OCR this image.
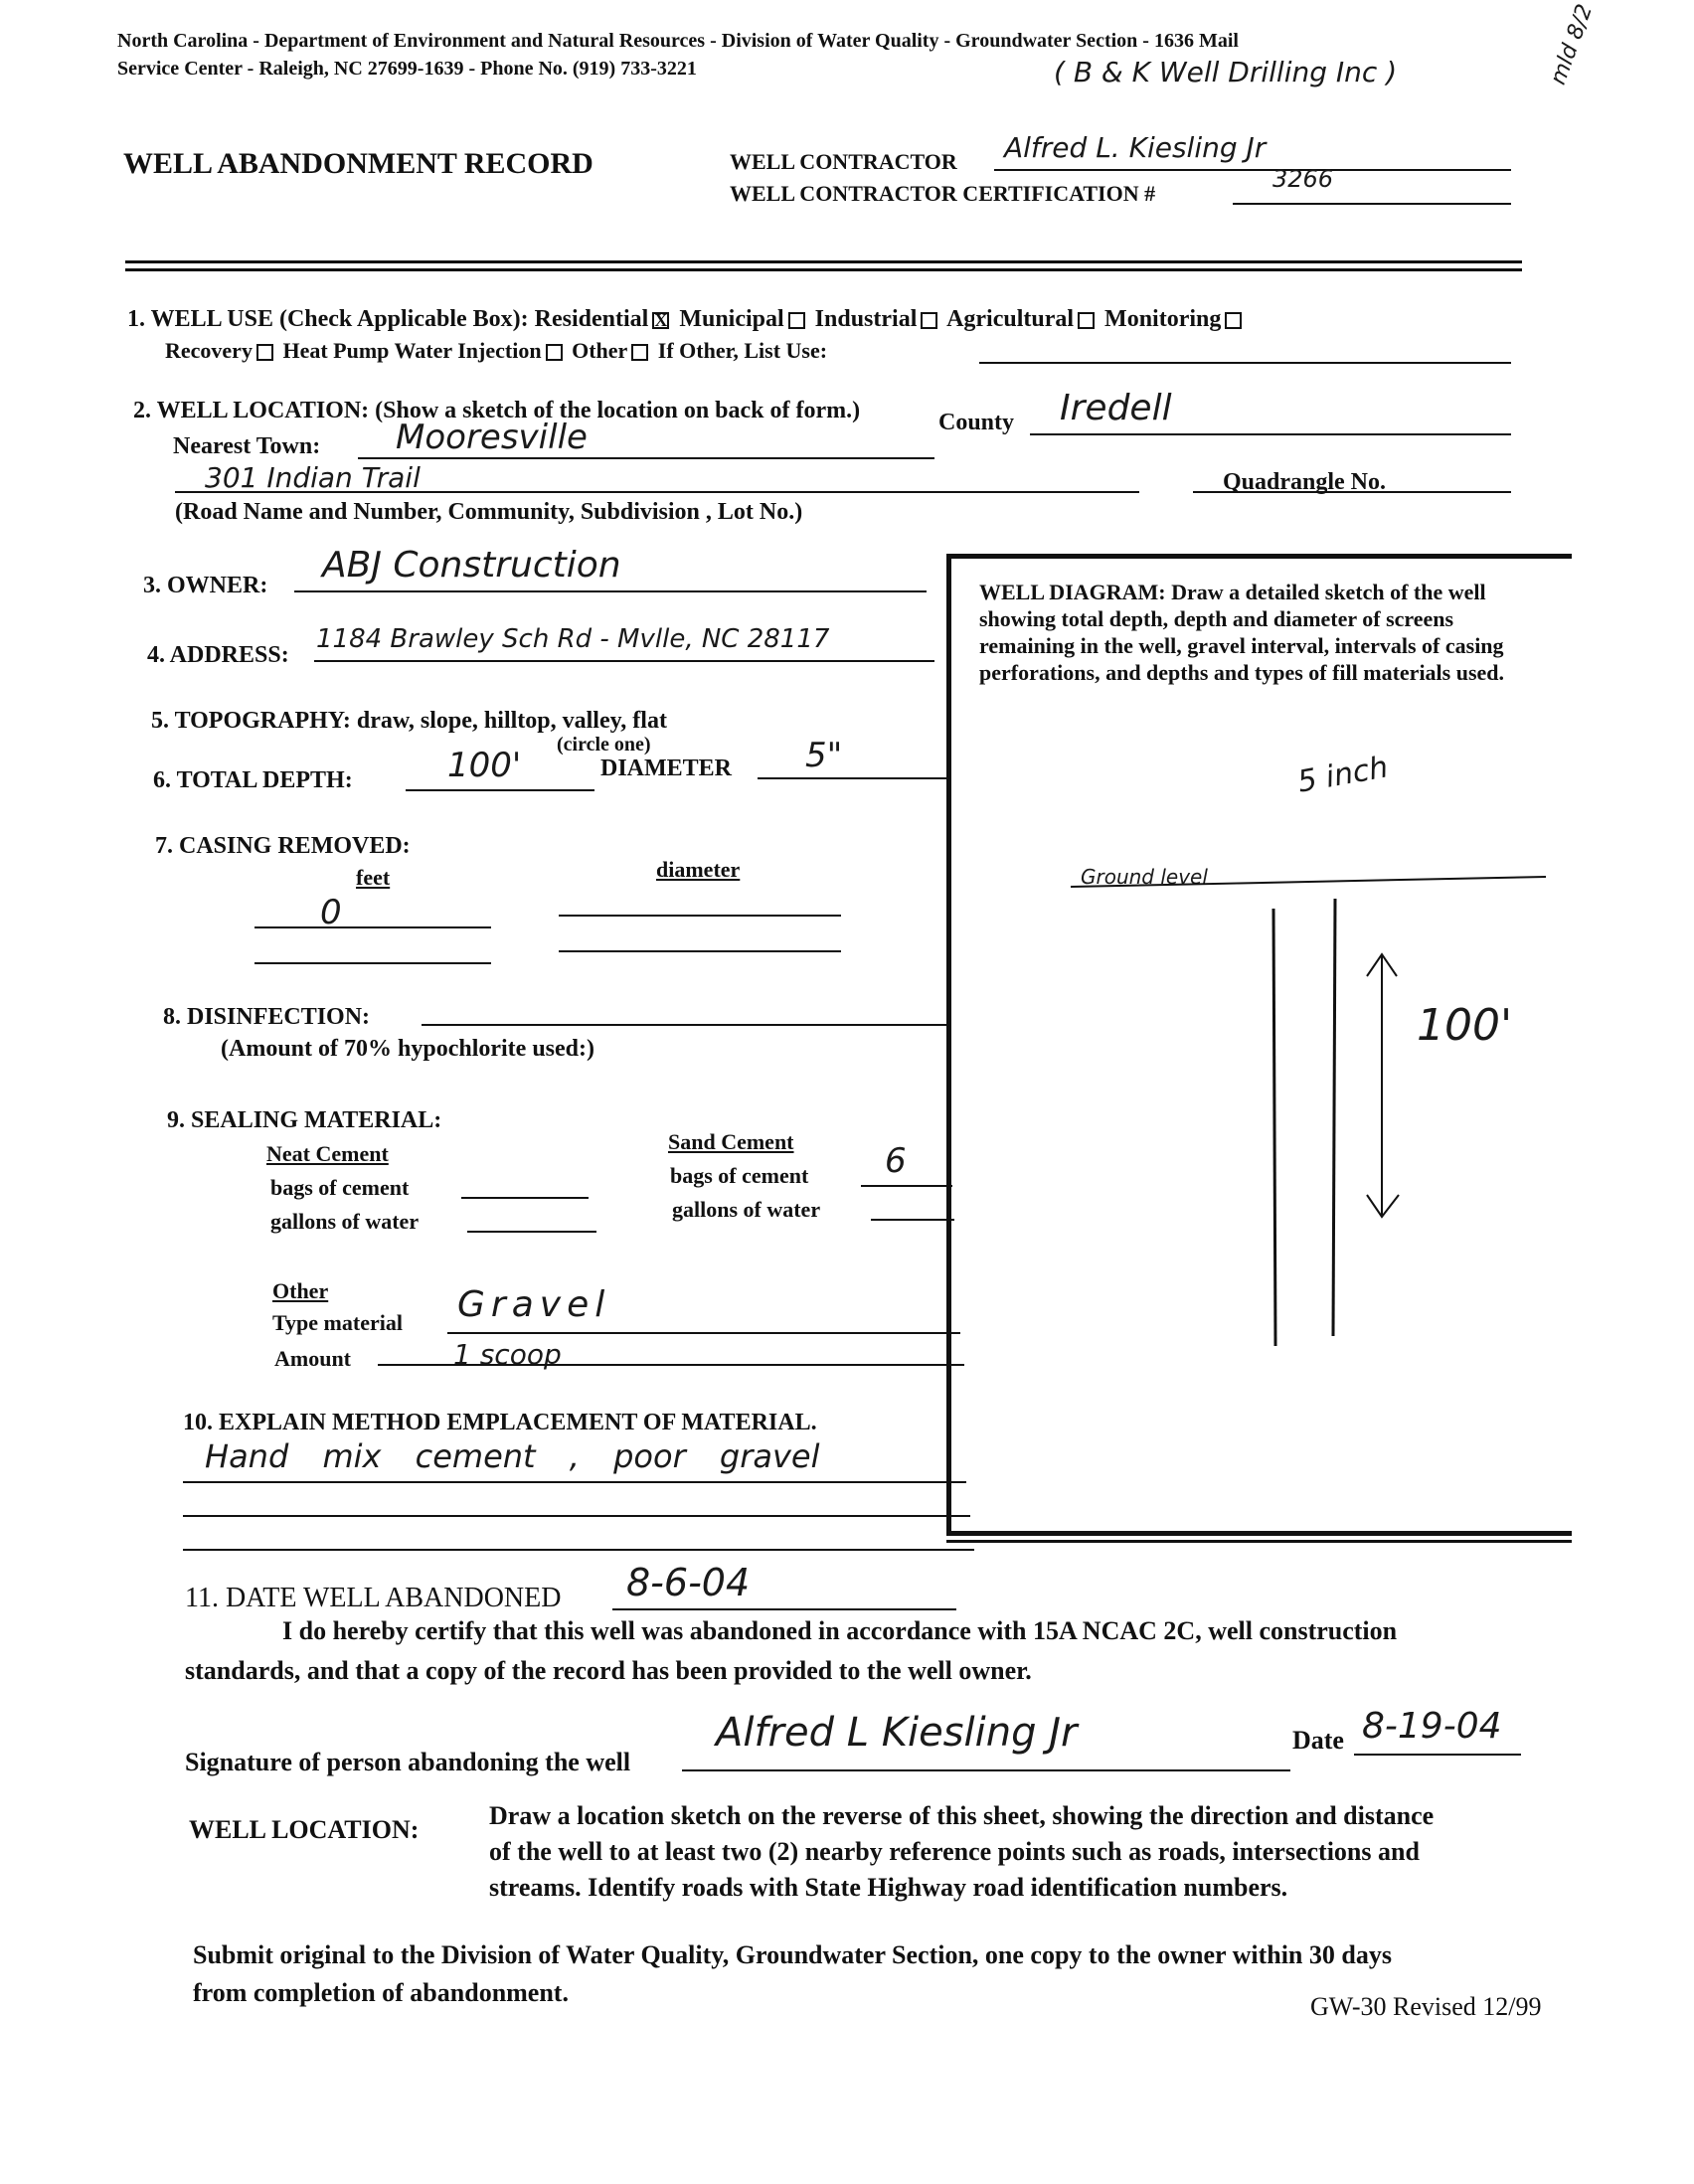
North Carolina - Department of Environment and Natural Resources - Division of Water Quality - Groundwater Section - 1636 Mail
Service Center - Raleigh, NC 27699-1639 - Phone No. (919) 733-3221	( B & K Well Drilling Inc )	mld 8/2
WELL ABANDONMENT RECORD	WELL CONTRACTOR Alfred L. Kiesling Jr
WELL CONTRACTOR CERTIFICATION #
3266
1. WELL USE (Check Applicable Box): Residential X Municipal Industrial Agricultural Monitoring
Recovery Heat Pump Water Injection Other If Other, List Use:
2. WELL LOCATION: (Show a sketch of the location on back of form.)
Nearest Town: Mooresville	County Iredell
301 Indian Trail	Quadrangle No.
(Road Name and Number, Community, Subdivision , Lot No.)
3. OWNER: ABJ Construction
4. ADDRESS:
1184 Brawley Sch Rd - Mvlle, NC 28117
5. TOPOGRAPHY: draw, slope, hilltop, valley, flat
(circle one)
6. TOTAL DEPTH:	100'	DIAMETER 5"
7. CASING REMOVED:
feet	diameter
0
8. DISINFECTION:
(Amount of 70% hypochlorite used:)
9. SEALING MATERIAL:
Neat Cement
bags of cement
gallons of water
Sand Cement
bags of cement 6
gallons of water
Other
Type material Gravel
Amount	1 scoop
10. EXPLAIN METHOD EMPLACEMENT OF MATERIAL.
Hand mix cement , poor gravel
WELL DIAGRAM: Draw a detailed sketch of the well showing total depth, depth and diameter of screens remaining in the well, gravel interval, intervals of casing perforations, and depths and types of fill materials used.
5 inch
Ground level
100'
11. DATE WELL ABANDONED 8-6-04
I do hereby certify that this well was abandoned in accordance with 15A NCAC 2C, well construction
standards, and that a copy of the record has been provided to the well owner.
Signature of person abandoning the well
Alfred L Kiesling Jr	Date 8-19-04
WELL LOCATION:	Draw a location sketch on the reverse of this sheet, showing the direction and distance
of the well to at least two (2) nearby reference points such as roads, intersections and
streams. Identify roads with State Highway road identification numbers.
Submit original to the Division of Water Quality, Groundwater Section, one copy to the owner within 30 days
from completion of abandonment.	GW-30 Revised 12/99
